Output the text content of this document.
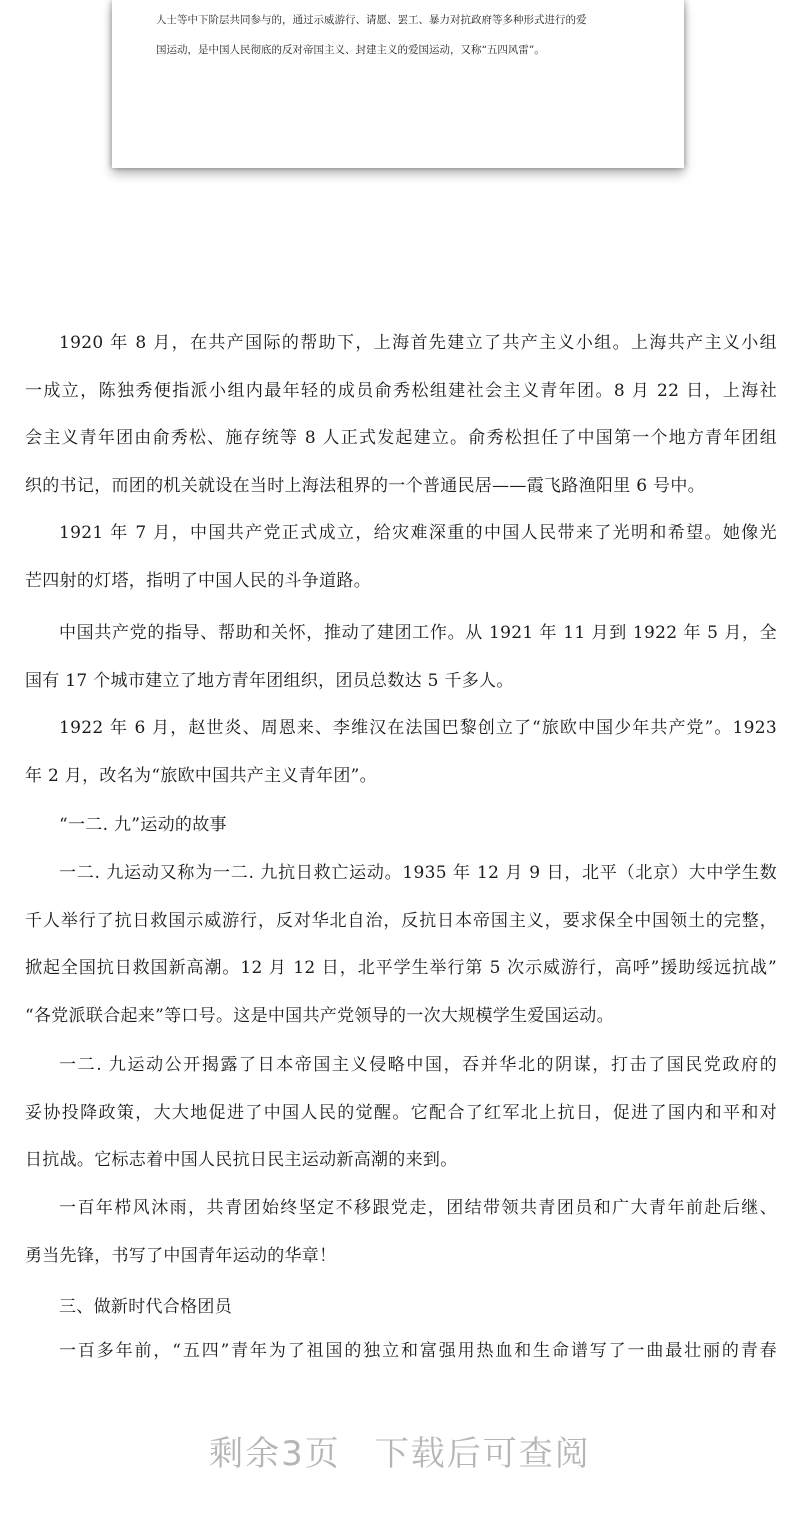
人士等中下阶层共同参与的，通过示威游行、请愿、罢工、暴力对抗政府等多种形式进行的爱

国运动，是中国人民彻底的反对帝国主义、封建主义的爱国运动，又称“五四风雷”。

​
1920 年 8 月，在共产国际的帮助下，上海首先建立了共产主义小组。上海共产主义小组
一成立，陈独秀便指派小组内最年轻的成员俞秀松组建社会主义青年团。8 月 22 日，上海社
会主义青年团由俞秀松、施存统等 8 人正式发起建立。俞秀松担任了中国第一个地方青年团组
织的书记，而团的机关就设在当时上海法租界的一个普通民居——霞飞路渔阳里 6 号中。
1921 年 7 月，中国共产党正式成立，给灾难深重的中国人民带来了光明和希望。她像光
芒四射的灯塔，指明了中国人民的斗争道路。
中国共产党的指导、帮助和关怀，推动了建团工作。从 1921 年 11 月到 1922 年 5 月，全
国有 17 个城市建立了地方青年团组织，团员总数达 5 千多人。
1922 年 6 月，赵世炎、周恩来、李维汉在法国巴黎创立了“旅欧中国少年共产党”。1923
年 2 月，改名为“旅欧中国共产主义青年团”。
“一二. 九”运动的故事
一二. 九运动又称为一二. 九抗日救亡运动。1935 年 12 月 9 日，北平（北京）大中学生数
千人举行了抗日救国示威游行，反对华北自治，反抗日本帝国主义，要求保全中国领土的完整，
掀起全国抗日救国新高潮。12 月 12 日，北平学生举行第 5 次示威游行，高呼”援助绥远抗战”
“各党派联合起来”等口号。这是中国共产党领导的一次大规模学生爱国运动。
一二. 九运动公开揭露了日本帝国主义侵略中国，吞并华北的阴谋，打击了国民党政府的
妥协投降政策，大大地促进了中国人民的觉醒。它配合了红军北上抗日，促进了国内和平和对
日抗战。它标志着中国人民抗日民主运动新高潮的来到。
一百年栉风沐雨，共青团始终坚定不移跟党走，团结带领共青团员和广大青年前赴后继、
勇当先锋，书写了中国青年运动的华章！
三、做新时代合格团员
一百多年前，“五四”青年为了祖国的独立和富强用热血和生命谱写了一曲最壮丽的青春
剩余3页 下载后可查阅
